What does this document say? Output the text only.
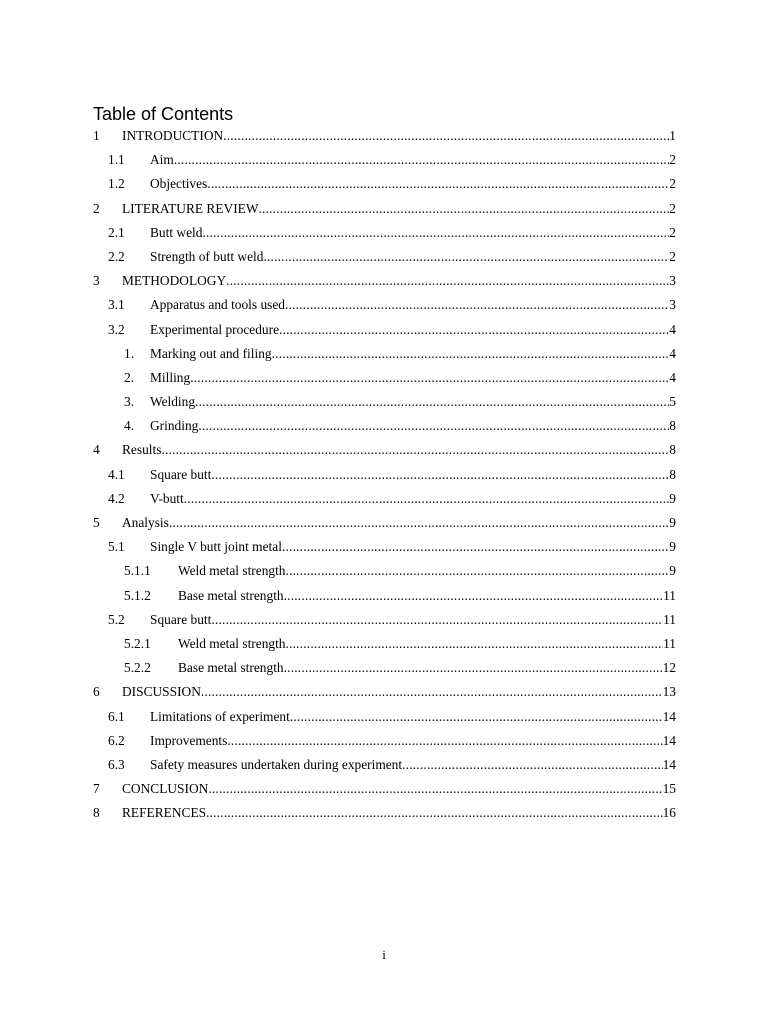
Table of Contents
1 INTRODUCTION .....	1
1.1 Aim .....	2
1.2 Objectives .....	2
2 LITERATURE REVIEW .....	2
2.1 Butt weld .....	2
2.2 Strength of butt weld .....	2
3 METHODOLOGY .....	3
3.1 Apparatus and tools used .....	3
3.2 Experimental procedure .....	4
1. Marking out and filing .....	4
2. Milling .....	4
3. Welding .....	5
4. Grinding .....	8
4 Results .....	8
4.1 Square butt .....	8
4.2 V-butt .....	9
5 Analysis .....	9
5.1 Single V butt joint metal .....	9
5.1.1 Weld metal strength .....	9
5.1.2 Base metal strength .....	11
5.2 Square butt .....	11
5.2.1 Weld metal strength .....	11
5.2.2 Base metal strength .....	12
6 DISCUSSION .....	13
6.1 Limitations of experiment .....	14
6.2 Improvements .....	14
6.3 Safety measures undertaken during experiment .....	14
7 CONCLUSION .....	15
8 REFERENCES .....	16
i
